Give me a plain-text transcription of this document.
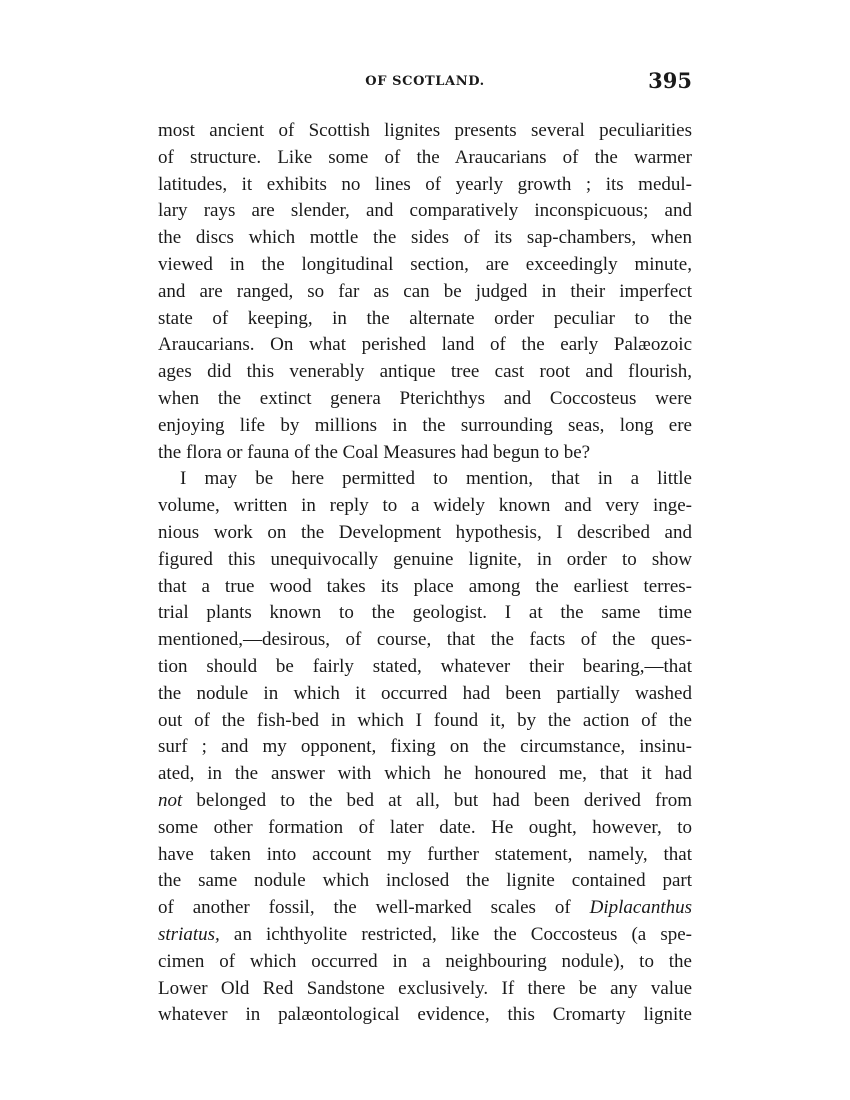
OF SCOTLAND.	395
most ancient of Scottish lignites presents several peculiarities
of structure. Like some of the Araucarians of the warmer
latitudes, it exhibits no lines of yearly growth ; its medul-
lary rays are slender, and comparatively inconspicuous; and
the discs which mottle the sides of its sap-chambers, when
viewed in the longitudinal section, are exceedingly minute,
and are ranged, so far as can be judged in their imperfect
state of keeping, in the alternate order peculiar to the
Araucarians. On what perished land of the early Palæozoic
ages did this venerably antique tree cast root and flourish,
when the extinct genera Pterichthys and Coccosteus were
enjoying life by millions in the surrounding seas, long ere
the flora or fauna of the Coal Measures had begun to be?
I may be here permitted to mention, that in a little
volume, written in reply to a widely known and very inge-
nious work on the Development hypothesis, I described and
figured this unequivocally genuine lignite, in order to show
that a true wood takes its place among the earliest terres-
trial plants known to the geologist. I at the same time
mentioned,—desirous, of course, that the facts of the ques-
tion should be fairly stated, whatever their bearing,—that
the nodule in which it occurred had been partially washed
out of the fish-bed in which I found it, by the action of the
surf ; and my opponent, fixing on the circumstance, insinu-
ated, in the answer with which he honoured me, that it had
not belonged to the bed at all, but had been derived from
some other formation of later date. He ought, however, to
have taken into account my further statement, namely, that
the same nodule which inclosed the lignite contained part
of another fossil, the well-marked scales of Diplacanthus
striatus, an ichthyolite restricted, like the Coccosteus (a spe-
cimen of which occurred in a neighbouring nodule), to the
Lower Old Red Sandstone exclusively. If there be any value
whatever in palæontological evidence, this Cromarty lignite
